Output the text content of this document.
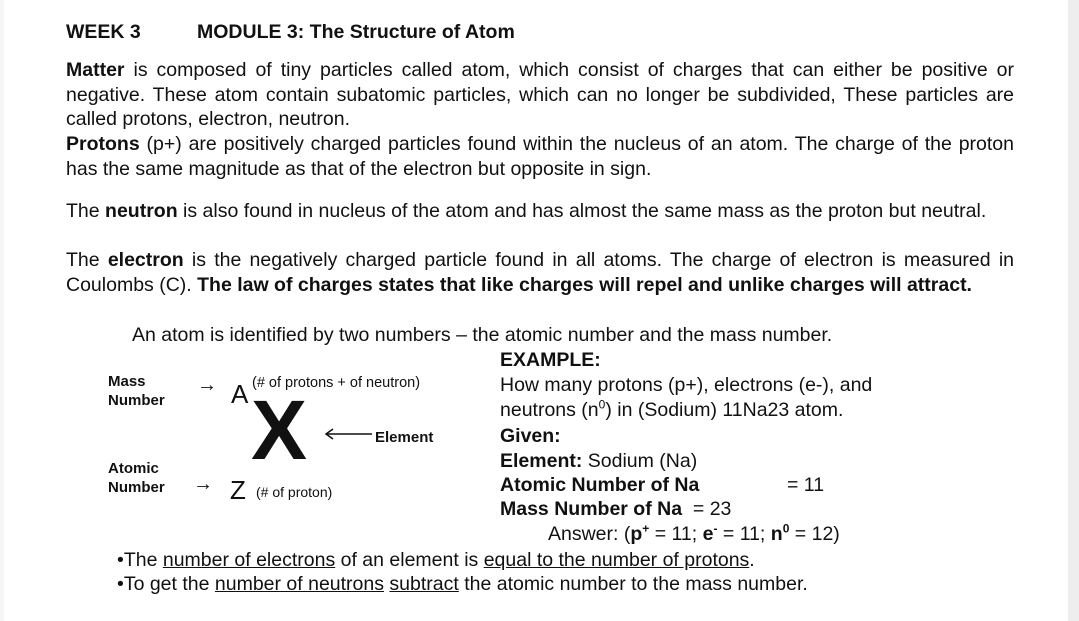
WEEK 3	MODULE 3: The Structure of Atom

Matter is composed of tiny particles called atom, which consist of charges that can either be positive or negative. These atom contain subatomic particles, which can no longer be subdivided, These particles are called protons, electron, neutron.

Protons (p+) are positively charged particles found within the nucleus of an atom. The charge of the proton has the same magnitude as that of the electron but opposite in sign.

The neutron is also found in nucleus of the atom and has almost the same mass as the proton but neutral.

The electron is the negatively charged particle found in all atoms. The charge of electron is measured in Coulombs (C). The law of charges states that like charges will repel and unlike charges will attract.

An atom is identified by two numbers – the atomic number and the mass number.
Mass
Number
→ A (# of protons + of neutron)
X	Element
Atomic
Number → Z (# of proton)
EXAMPLE:
How many protons (p+), electrons (e-), and
neutrons $(n^0)$ in (Sodium) 11Na23 atom.
Given:
Element: Sodium (Na)
Atomic Number of Na	= 11
Mass Number of Na  = 23
Answer: (p+ = 11; e- = 11; $n^0 = 12$)
•The number of electrons of an element is equal to the number of protons.
•To get the number of neutrons subtract the atomic number to the mass number.
